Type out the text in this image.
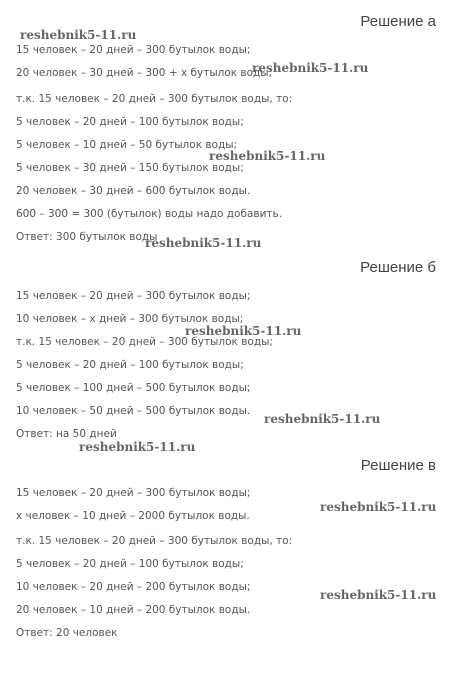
Решение а
15 человек – 20 дней – 300 бутылок воды;
20 человек – 30 дней – 300 + x бутылок воды;
т.к. 15 человек – 20 дней – 300 бутылок воды, то:
5 человек – 20 дней – 100 бутылок воды;
5 человек – 10 дней – 50 бутылок воды;
5 человек – 30 дней – 150 бутылок воды;
20 человек – 30 дней – 600 бутылок воды.
600 – 300 = 300 (бутылок) воды надо добавить.
Ответ: 300 бутылок воды
Решение б
15 человек – 20 дней – 300 бутылок воды;
10 человек – x дней – 300 бутылок воды;
т.к. 15 человек – 20 дней – 300 бутылок воды;
5 человек – 20 дней – 100 бутылок воды;
5 человек – 100 дней – 500 бутылок воды;
10 человек – 50 дней – 500 бутылок воды.
Ответ: на 50 дней
Решение в
15 человек – 20 дней – 300 бутылок воды;
x человек – 10 дней – 2000 бутылок воды.
т.к. 15 человек – 20 дней – 300 бутылок воды, то:
5 человек – 20 дней – 100 бутылок воды;
10 человек – 20 дней – 200 бутылок воды;
20 человек – 10 дней – 200 бутылок воды.
Ответ: 20 человек
reshebnik5-11.ru
reshebnik5-11.ru
reshebnik5-11.ru
reshebnik5-11.ru
reshebnik5-11.ru
reshebnik5-11.ru
reshebnik5-11.ru
reshebnik5-11.ru
reshebnik5-11.ru
